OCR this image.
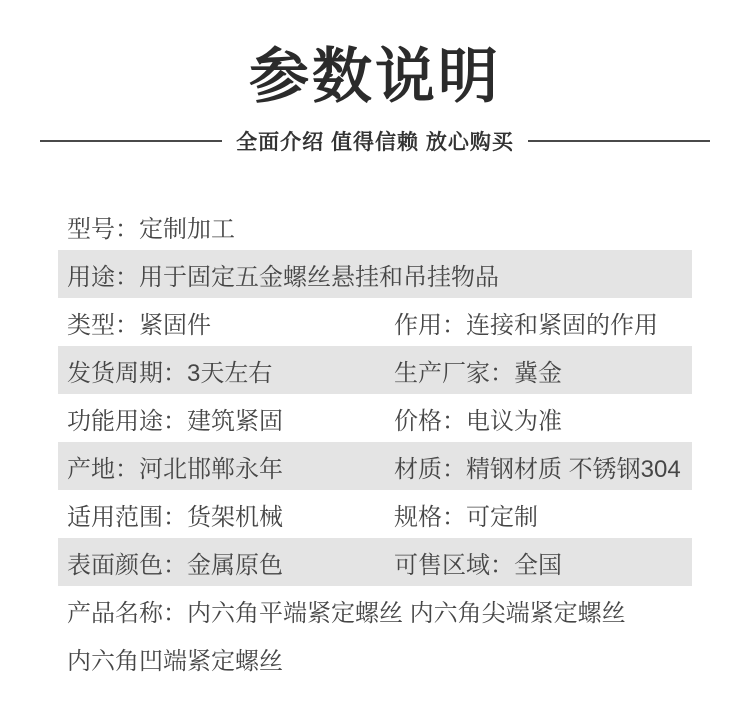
参数说明
全面介绍 值得信赖 放心购买
型号：定制加工
用途：用于固定五金螺丝悬挂和吊挂物品
类型：紧固件	作用：连接和紧固的作用
发货周期：3天左右	生产厂家：冀金
功能用途：建筑紧固	价格：电议为准
产地：河北邯郸永年	材质：精钢材质 不锈钢304
适用范围：货架机械	规格：可定制
表面颜色：金属原色	可售区域：全国
产品名称：内六角平端紧定螺丝 内六角尖端紧定螺丝
内六角凹端紧定螺丝
